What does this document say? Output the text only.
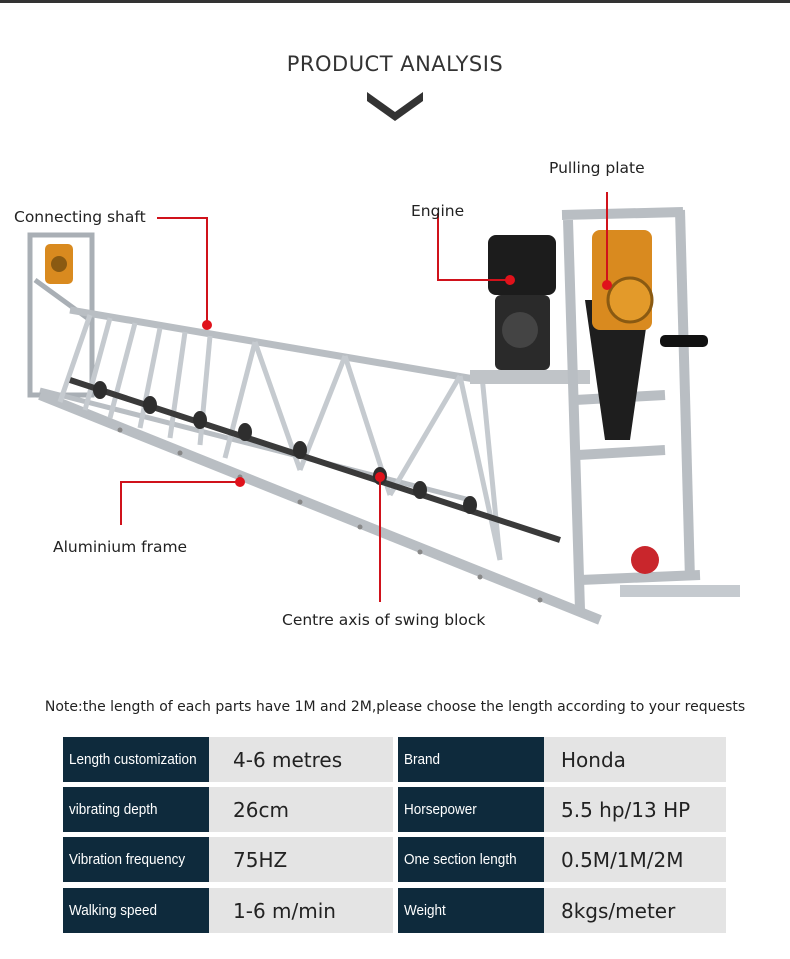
PRODUCT ANALYSIS
Connecting shaft	Engine
Pulling plate
Aluminium frame
Centre axis of swing block
Note:the length of each parts have 1M and 2M,please choose the length according to your requests
Length customization	4-6 metres	Brand	Honda
vibrating depth	26cm	Horsepower	5.5 hp/13 HP
Vibration frequency	75HZ	One section length	0.5M/1M/2M
Walking speed	1-6 m/min	Weight	8kgs/meter
